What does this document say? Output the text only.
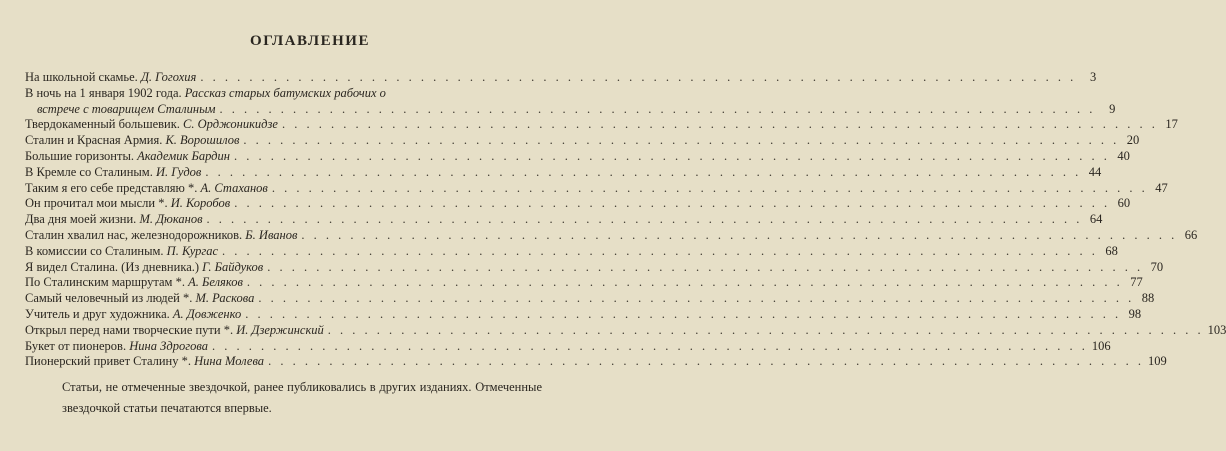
ОГЛАВЛЕНИЕ
На школьной скамье. Д. Гогохия . . .	3
В ночь на 1 января 1902 года. Рассказ старых батумских рабочих о
встрече с товарищем Сталиным . . .	9
Твердокаменный большевик. С. Орджоникидзе . . .	17
Сталин и Красная Армия. К. Ворошилов . . .	20
Большие горизонты. Академик Бардин . . .	40
В Кремле со Сталиным. И. Гудов . . .	44
Таким я его себе представляю *. А. Стаханов . . .	47
Он прочитал мои мысли *. И. Коробов . . .	60
Два дня моей жизни. М. Дюканов . . .	64
Сталин хвалил нас, железнодорожников. Б. Иванов . . .	66
В комиссии со Сталиным. П. Кургас . . .	68
Я видел Сталина. (Из дневника.) Г. Байдуков . . .	70
По Сталинским маршрутам *. А. Беляков . . .	77
Самый человечный из людей *. М. Раскова . . .	88
Учитель и друг художника. А. Довженко . . .	98
Открыл перед нами творческие пути *. И. Дзержинский . . .	103
Букет от пионеров. Нина Здрогова . . .	106
Пионерский привет Сталину *. Нина Молева . . .	109
Статьи, не отмеченные звездочкой, ранее публиковались в других изданиях. Отмеченные звездочкой статьи печатаются впервые.
